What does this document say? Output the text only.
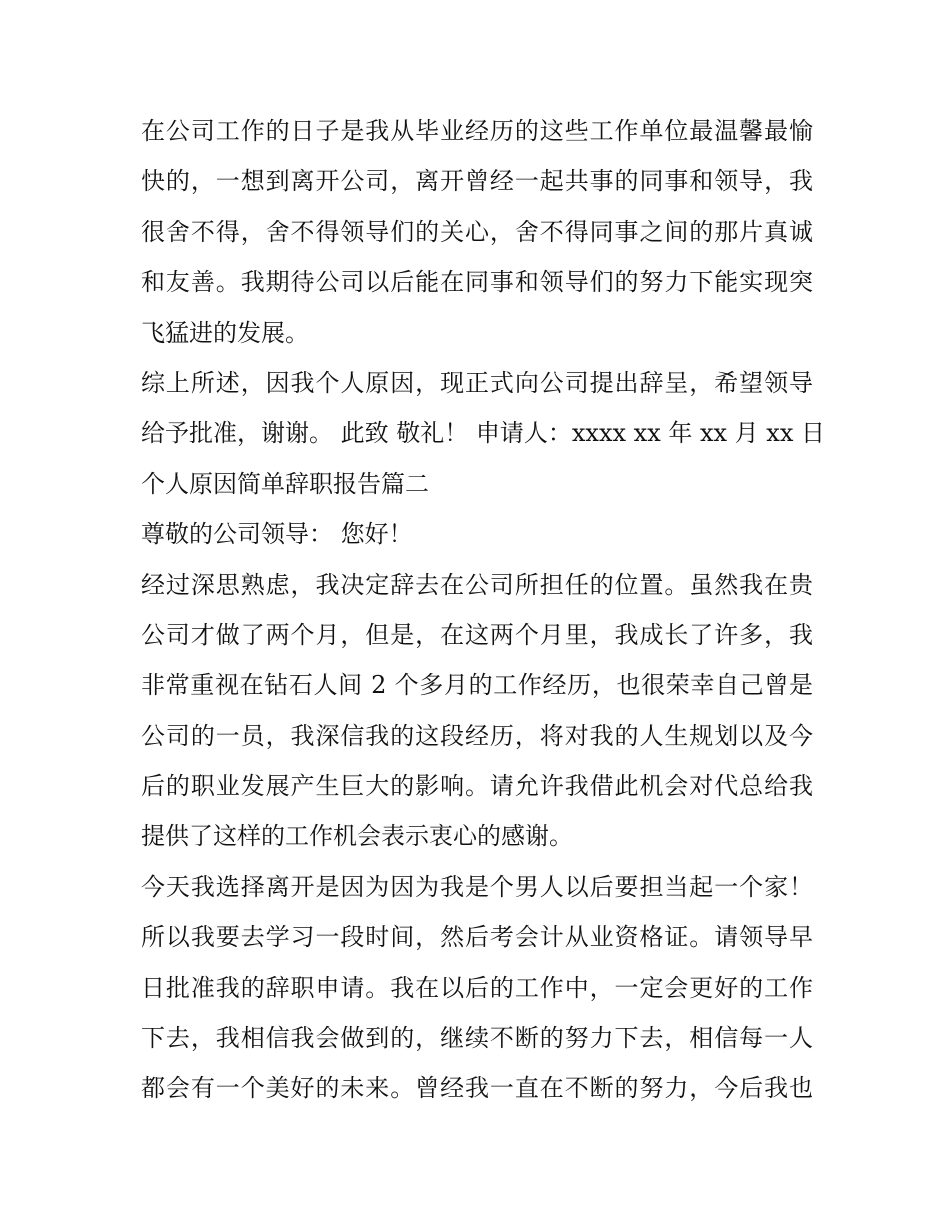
在公司工作的日子是我从毕业经历的这些工作单位最温馨最愉
快的，一想到离开公司，离开曾经一起共事的同事和领导，我
很舍不得，舍不得领导们的关心，舍不得同事之间的那片真诚
和友善。我期待公司以后能在同事和领导们的努力下能实现突
飞猛进的发展。
综上所述，因我个人原因，现正式向公司提出辞呈，希望领导
给予批准，谢谢。 此致 敬礼！ 申请人：xxxx xx 年 xx 月 xx 日
个人原因简单辞职报告篇二
尊敬的公司领导： 您好！
经过深思熟虑，我决定辞去在公司所担任的位置。虽然我在贵
公司才做了两个月，但是，在这两个月里，我成长了许多，我
非常重视在钻石人间 2 个多月的工作经历，也很荣幸自己曾是
公司的一员，我深信我的这段经历，将对我的人生规划以及今
后的职业发展产生巨大的影响。请允许我借此机会对代总给我
提供了这样的工作机会表示衷心的感谢。
今天我选择离开是因为因为我是个男人以后要担当起一个家！
所以我要去学习一段时间，然后考会计从业资格证。请领导早
日批准我的辞职申请。我在以后的工作中，一定会更好的工作
下去，我相信我会做到的，继续不断的努力下去，相信每一人
都会有一个美好的未来。曾经我一直在不断的努力，今后我也
